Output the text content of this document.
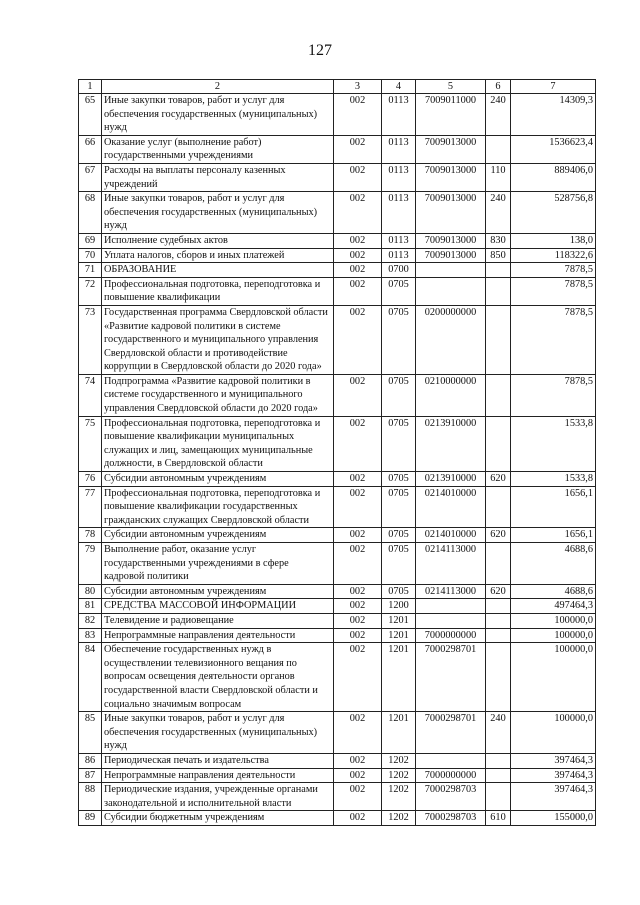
127
1	2	3	4	5	6	7
65	Иные закупки товаров, работ и услуг для обеспечения государственных (муниципальных) нужд	002	0113	7009011000	240	14309,3
66	Оказание услуг (выполнение работ) государственными учреждениями	002	0113	7009013000		1536623,4
67	Расходы на выплаты персоналу казенных учреждений	002	0113	7009013000	110	889406,0
68	Иные закупки товаров, работ и услуг для обеспечения государственных (муниципальных) нужд	002	0113	7009013000	240	528756,8
69	Исполнение судебных актов	002	0113	7009013000	830	138,0
70	Уплата налогов, сборов и иных платежей	002	0113	7009013000	850	118322,6
71	ОБРАЗОВАНИЕ	002	0700			7878,5
72	Профессиональная подготовка, переподготовка и повышение квалификации	002	0705			7878,5
73	Государственная программа Свердловской области «Развитие кадровой политики в системе государственного и муниципального управления Свердловской области и противодействие коррупции в Свердловской области до 2020 года»	002	0705	0200000000		7878,5
74	Подпрограмма «Развитие кадровой политики в системе государственного и муниципального управления Свердловской области до 2020 года»	002	0705	0210000000		7878,5
75	Профессиональная подготовка, переподготовка и повышение квалификации муниципальных служащих и лиц, замещающих муниципальные должности, в Свердловской области	002	0705	0213910000		1533,8
76	Субсидии автономным учреждениям	002	0705	0213910000	620	1533,8
77	Профессиональная подготовка, переподготовка и повышение квалификации государственных гражданских служащих Свердловской области	002	0705	0214010000		1656,1
78	Субсидии автономным учреждениям	002	0705	0214010000	620	1656,1
79	Выполнение работ, оказание услуг государственными учреждениями в сфере кадровой политики	002	0705	0214113000		4688,6
80	Субсидии автономным учреждениям	002	0705	0214113000	620	4688,6
81	СРЕДСТВА МАССОВОЙ ИНФОРМАЦИИ	002	1200			497464,3
82	Телевидение и радиовещание	002	1201			100000,0
83	Непрограммные направления деятельности	002	1201	7000000000		100000,0
84	Обеспечение государственных нужд в осуществлении телевизионного вещания по вопросам освещения деятельности органов государственной власти Свердловской области и социально значимым вопросам	002	1201	7000298701		100000,0
85	Иные закупки товаров, работ и услуг для обеспечения государственных (муниципальных) нужд	002	1201	7000298701	240	100000,0
86	Периодическая печать и издательства	002	1202			397464,3
87	Непрограммные направления деятельности	002	1202	7000000000		397464,3
88	Периодические издания, учрежденные органами законодательной и исполнительной власти	002	1202	7000298703		397464,3
89	Субсидии бюджетным учреждениям	002	1202	7000298703	610	155000,0
